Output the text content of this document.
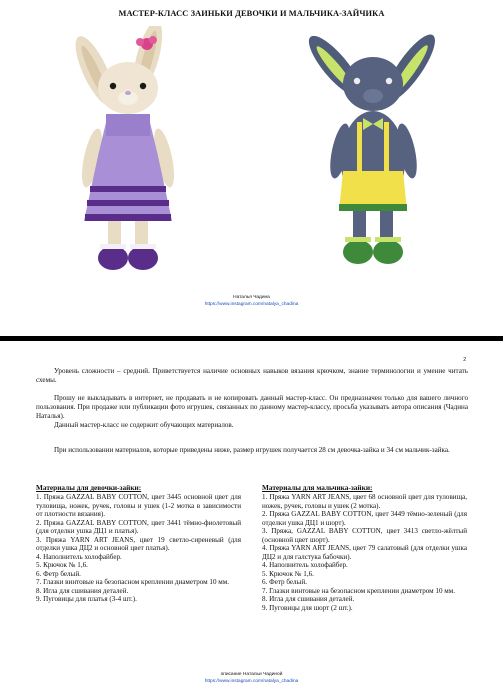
МАСТЕР-КЛАСС ЗАИНЬКИ ДЕВОЧКИ И МАЛЬЧИКА-ЗАЙЧИКА
Наталья Чадина
https://www.instagram.com/natalya_chadina
2

Уровень сложности – средний. Приветствуется наличие основных навыков вязания крючком, знание терминологии и умение читать схемы.

Прошу не выкладывать в интернет, не продавать и не копировать данный мастер-класс. Он предназначен только для вашего личного пользования. При продаже или публикации фото игрушек, связанных по данному мастер-классу, просьба указывать автора описания (Чадина Наталья).

Данный мастер-класс не содержит обучающих материалов.

При использовании материалов, которые приведены ниже, размер игрушек получается 28 см девочка-зайка и 34 см мальчик-зайка.

Материалы для девочки-зайки:
1. Пряжа GAZZAL BABY COTTON, цвет 3445 основной цвет для туловища, ножек, ручек, головы и ушек (1-2 мотка в зависимости от плотности вязания).
2. Пряжа GAZZAL BABY COTTON, цвет 3441 тёмно-фиолетовый (для отделки ушка ДЦ1 и платья).
3. Пряжа YARN ART JEANS, цвет 19 светло-сиреневый (для отделки ушка ДЦ2 и основной цвет платья).
4. Наполнитель холофайбер.
5. Крючок № 1,6.
6. Фетр белый.
7. Глазки винтовые на безопасном креплении диаметром 10 мм.
8. Игла для сшивания деталей.
9. Пуговицы для платья (3-4 шт.).
Материалы для мальчика-зайки:
1. Пряжа YARN ART JEANS, цвет 68 основной цвет для туловища, ножек, ручек, головы и ушек (2 мотка).
2. Пряжа GAZZAL BABY COTTON, цвет 3449 тёмно-зеленый (для отделки ушка ДЦ1 и шорт).
3. Пряжа, GAZZAL BABY COTTON, цвет 3413 светло-жёлтый (основной цвет шорт).
4. Пряжа YARN ART JEANS, цвет 79 салатовый (для отделки ушка ДЦ2 и для галстука бабочки).
4. Наполнитель холофайбер.
5. Крючок № 1,6.
6. Фетр белый.
7. Глазки винтовые на безопасном креплении диаметром 10 мм.
8. Игла для сшивания деталей.
9. Пуговицы для шорт (2 шт.).
описание Натальи Чадиной
https://www.instagram.com/natalya_chadina
